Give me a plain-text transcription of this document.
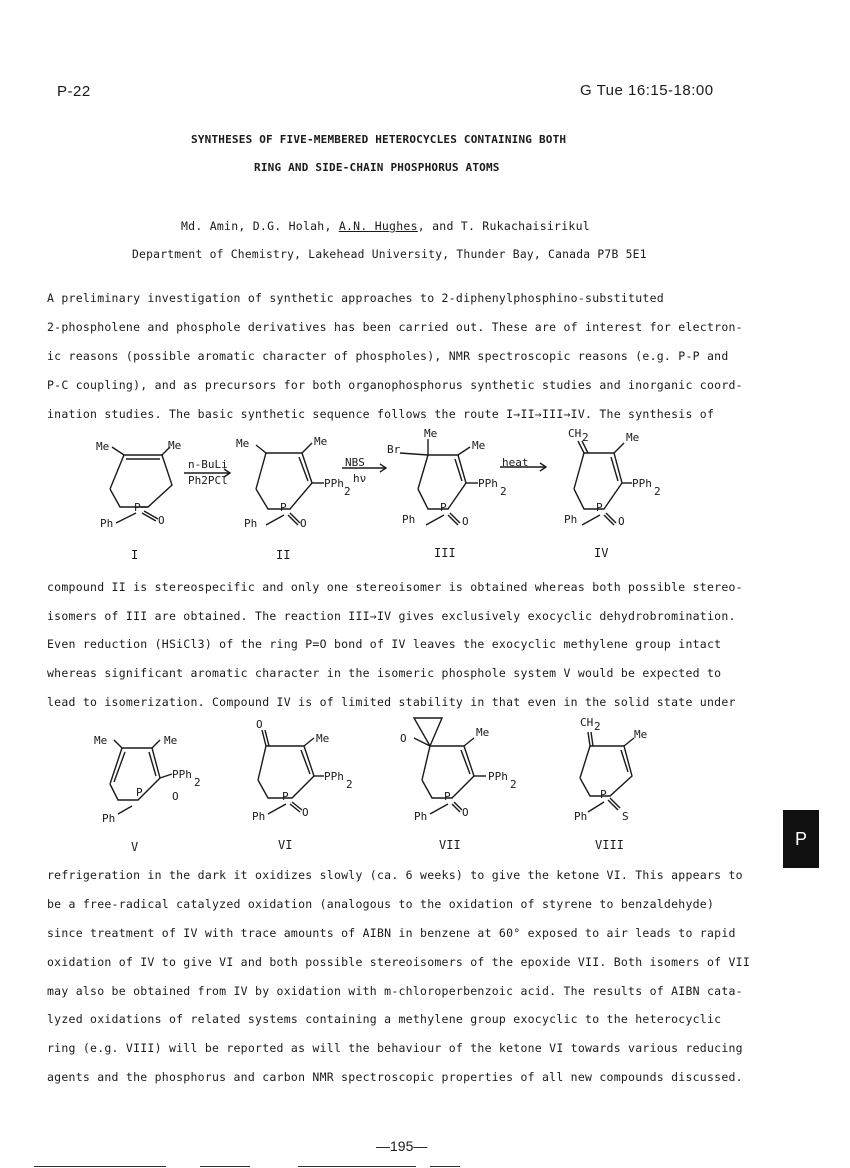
P-22	G Tue 16:15-18:00
SYNTHESES OF FIVE-MEMBERED HETEROCYCLES CONTAINING BOTH
RING AND SIDE-CHAIN PHOSPHORUS ATOMS
Md. Amin, D.G. Holah, A.N. Hughes, and T. Rukachaisirikul
Department of Chemistry, Lakehead University, Thunder Bay, Canada P7B 5E1
A preliminary investigation of synthetic approaches to 2-diphenylphosphino-substituted
2-phospholene and phosphole derivatives has been carried out. These are of interest for electron-
ic reasons (possible aromatic character of phospholes), NMR spectroscopic reasons (e.g. P-P and
P-C coupling), and as precursors for both organophosphorus synthetic studies and inorganic coord-
ination studies. The basic synthetic sequence follows the route I→II→III→IV. The synthesis of
Me	Me
P
O
Ph
Me	Me
PPh
2
P
O
Ph
Br
Me
Me
PPh
2
P
O
Ph
CH 2	Me
PPh
2
P
O
Ph
n-BuLi
Ph2PCl
NBS
hν
heat
I	II	III	IV
compound II is stereospecific and only one stereoisomer is obtained whereas both possible stereo-
isomers of III are obtained. The reaction III→IV gives exclusively exocyclic dehydrobromination.
Even reduction (HSiCl3) of the ring P=O bond of IV leaves the exocyclic methylene group intact
whereas significant aromatic character in the isomeric phosphole system V would be expected to
lead to isomerization. Compound IV is of limited stability in that even in the solid state under
Me	Me
PPh
2
O
P
Ph
O
Me
PPh
2
P
O
Ph
O	Me
PPh
2
P
O
Ph
CH 2
Me
P
S
Ph
V	VI	VII	VIII
refrigeration in the dark it oxidizes slowly (ca. 6 weeks) to give the ketone VI. This appears to
be a free-radical catalyzed oxidation (analogous to the oxidation of styrene to benzaldehyde)
since treatment of IV with trace amounts of AIBN in benzene at 60° exposed to air leads to rapid
oxidation of IV to give VI and both possible stereoisomers of the epoxide VII. Both isomers of VII
may also be obtained from IV by oxidation with m-chloroperbenzoic acid. The results of AIBN cata-
lyzed oxidations of related systems containing a methylene group exocyclic to the heterocyclic
ring (e.g. VIII) will be reported as will the behaviour of the ketone VI towards various reducing
agents and the phosphorus and carbon NMR spectroscopic properties of all new compounds discussed.
P
—195—
